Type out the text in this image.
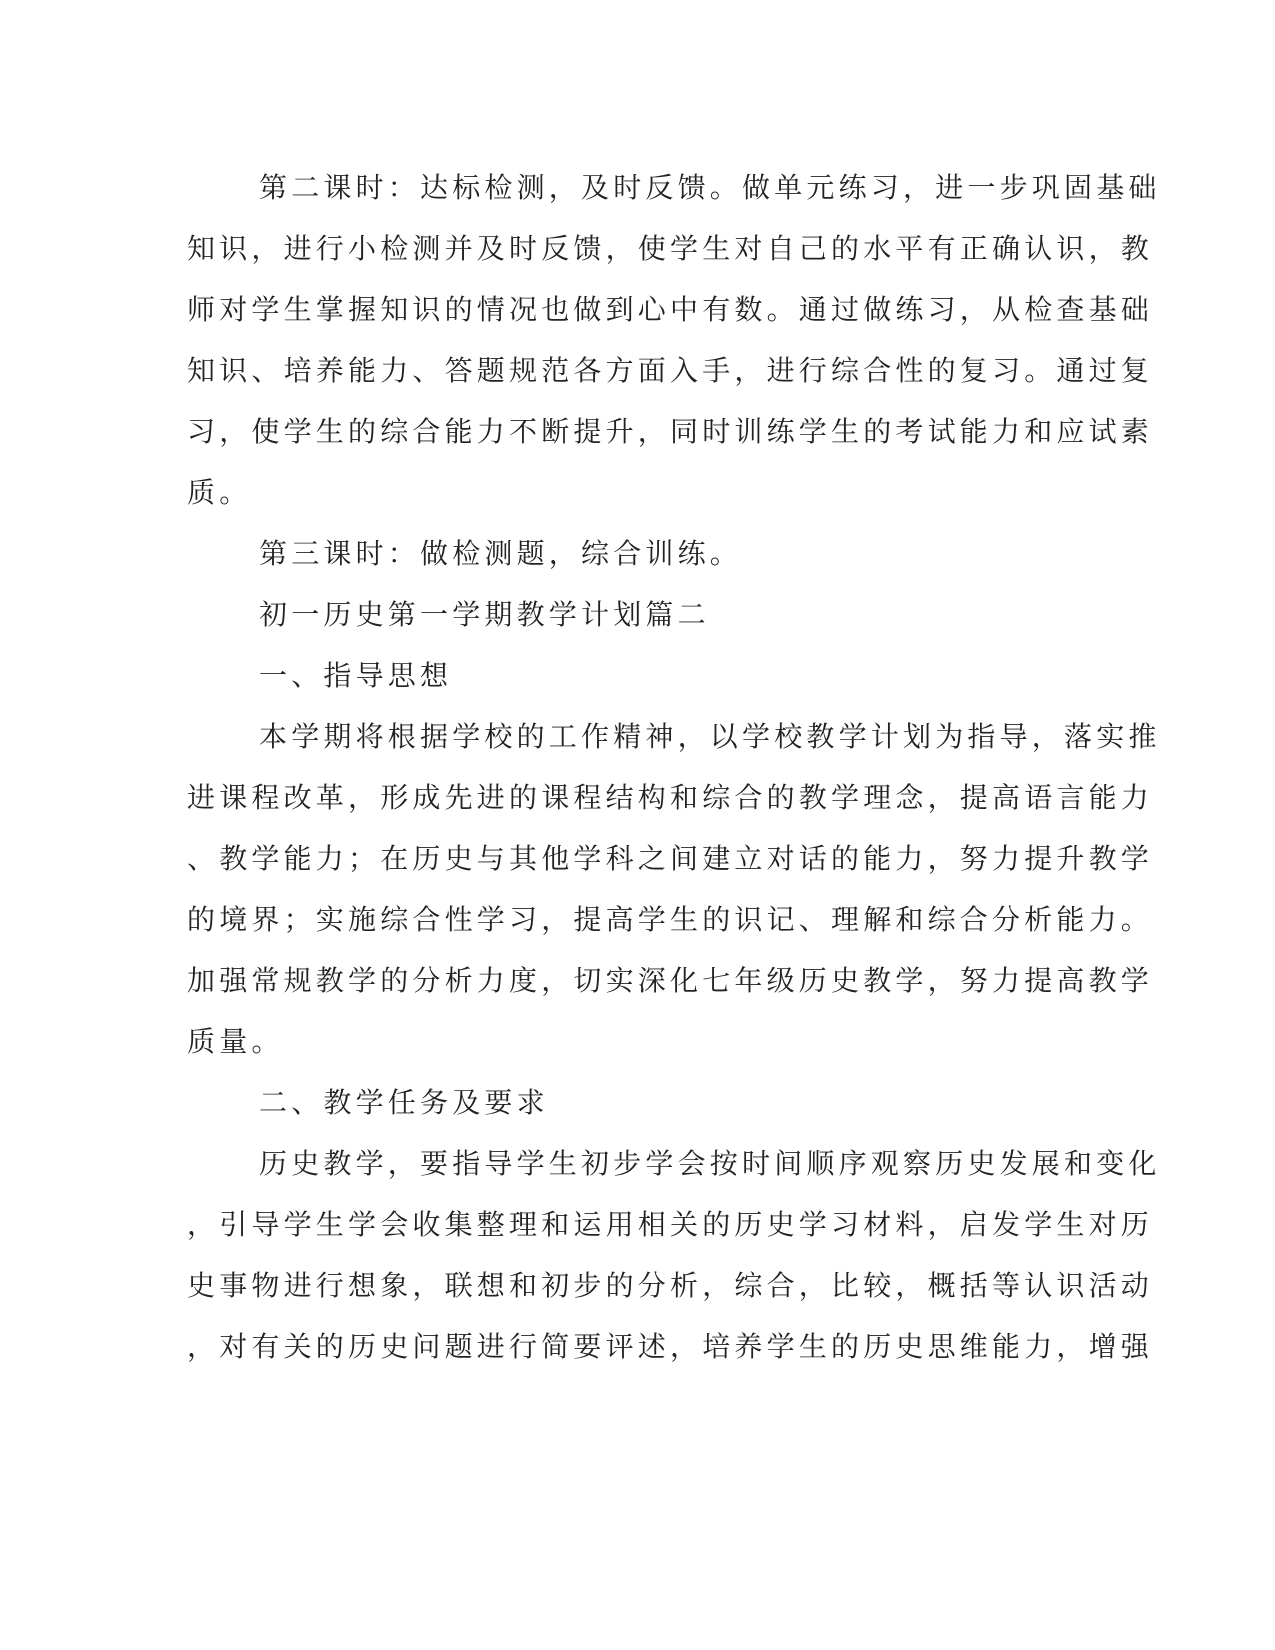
第二课时：达标检测，及时反馈。做单元练习，进一步巩固基础
知识，进行小检测并及时反馈，使学生对自己的水平有正确认识，教
师对学生掌握知识的情况也做到心中有数。通过做练习，从检查基础
知识、培养能力、答题规范各方面入手，进行综合性的复习。通过复
习，使学生的综合能力不断提升，同时训练学生的考试能力和应试素
质。
第三课时：做检测题，综合训练。
初一历史第一学期教学计划篇二
一、指导思想
本学期将根据学校的工作精神，以学校教学计划为指导，落实推
进课程改革，形成先进的课程结构和综合的教学理念，提高语言能力
、教学能力；在历史与其他学科之间建立对话的能力，努力提升教学
的境界；实施综合性学习，提高学生的识记、理解和综合分析能力。
加强常规教学的分析力度，切实深化七年级历史教学，努力提高教学
质量。
二、教学任务及要求
历史教学，要指导学生初步学会按时间顺序观察历史发展和变化
，引导学生学会收集整理和运用相关的历史学习材料，启发学生对历
史事物进行想象，联想和初步的分析，综合，比较，概括等认识活动
，对有关的历史问题进行简要评述，培养学生的历史思维能力，增强
